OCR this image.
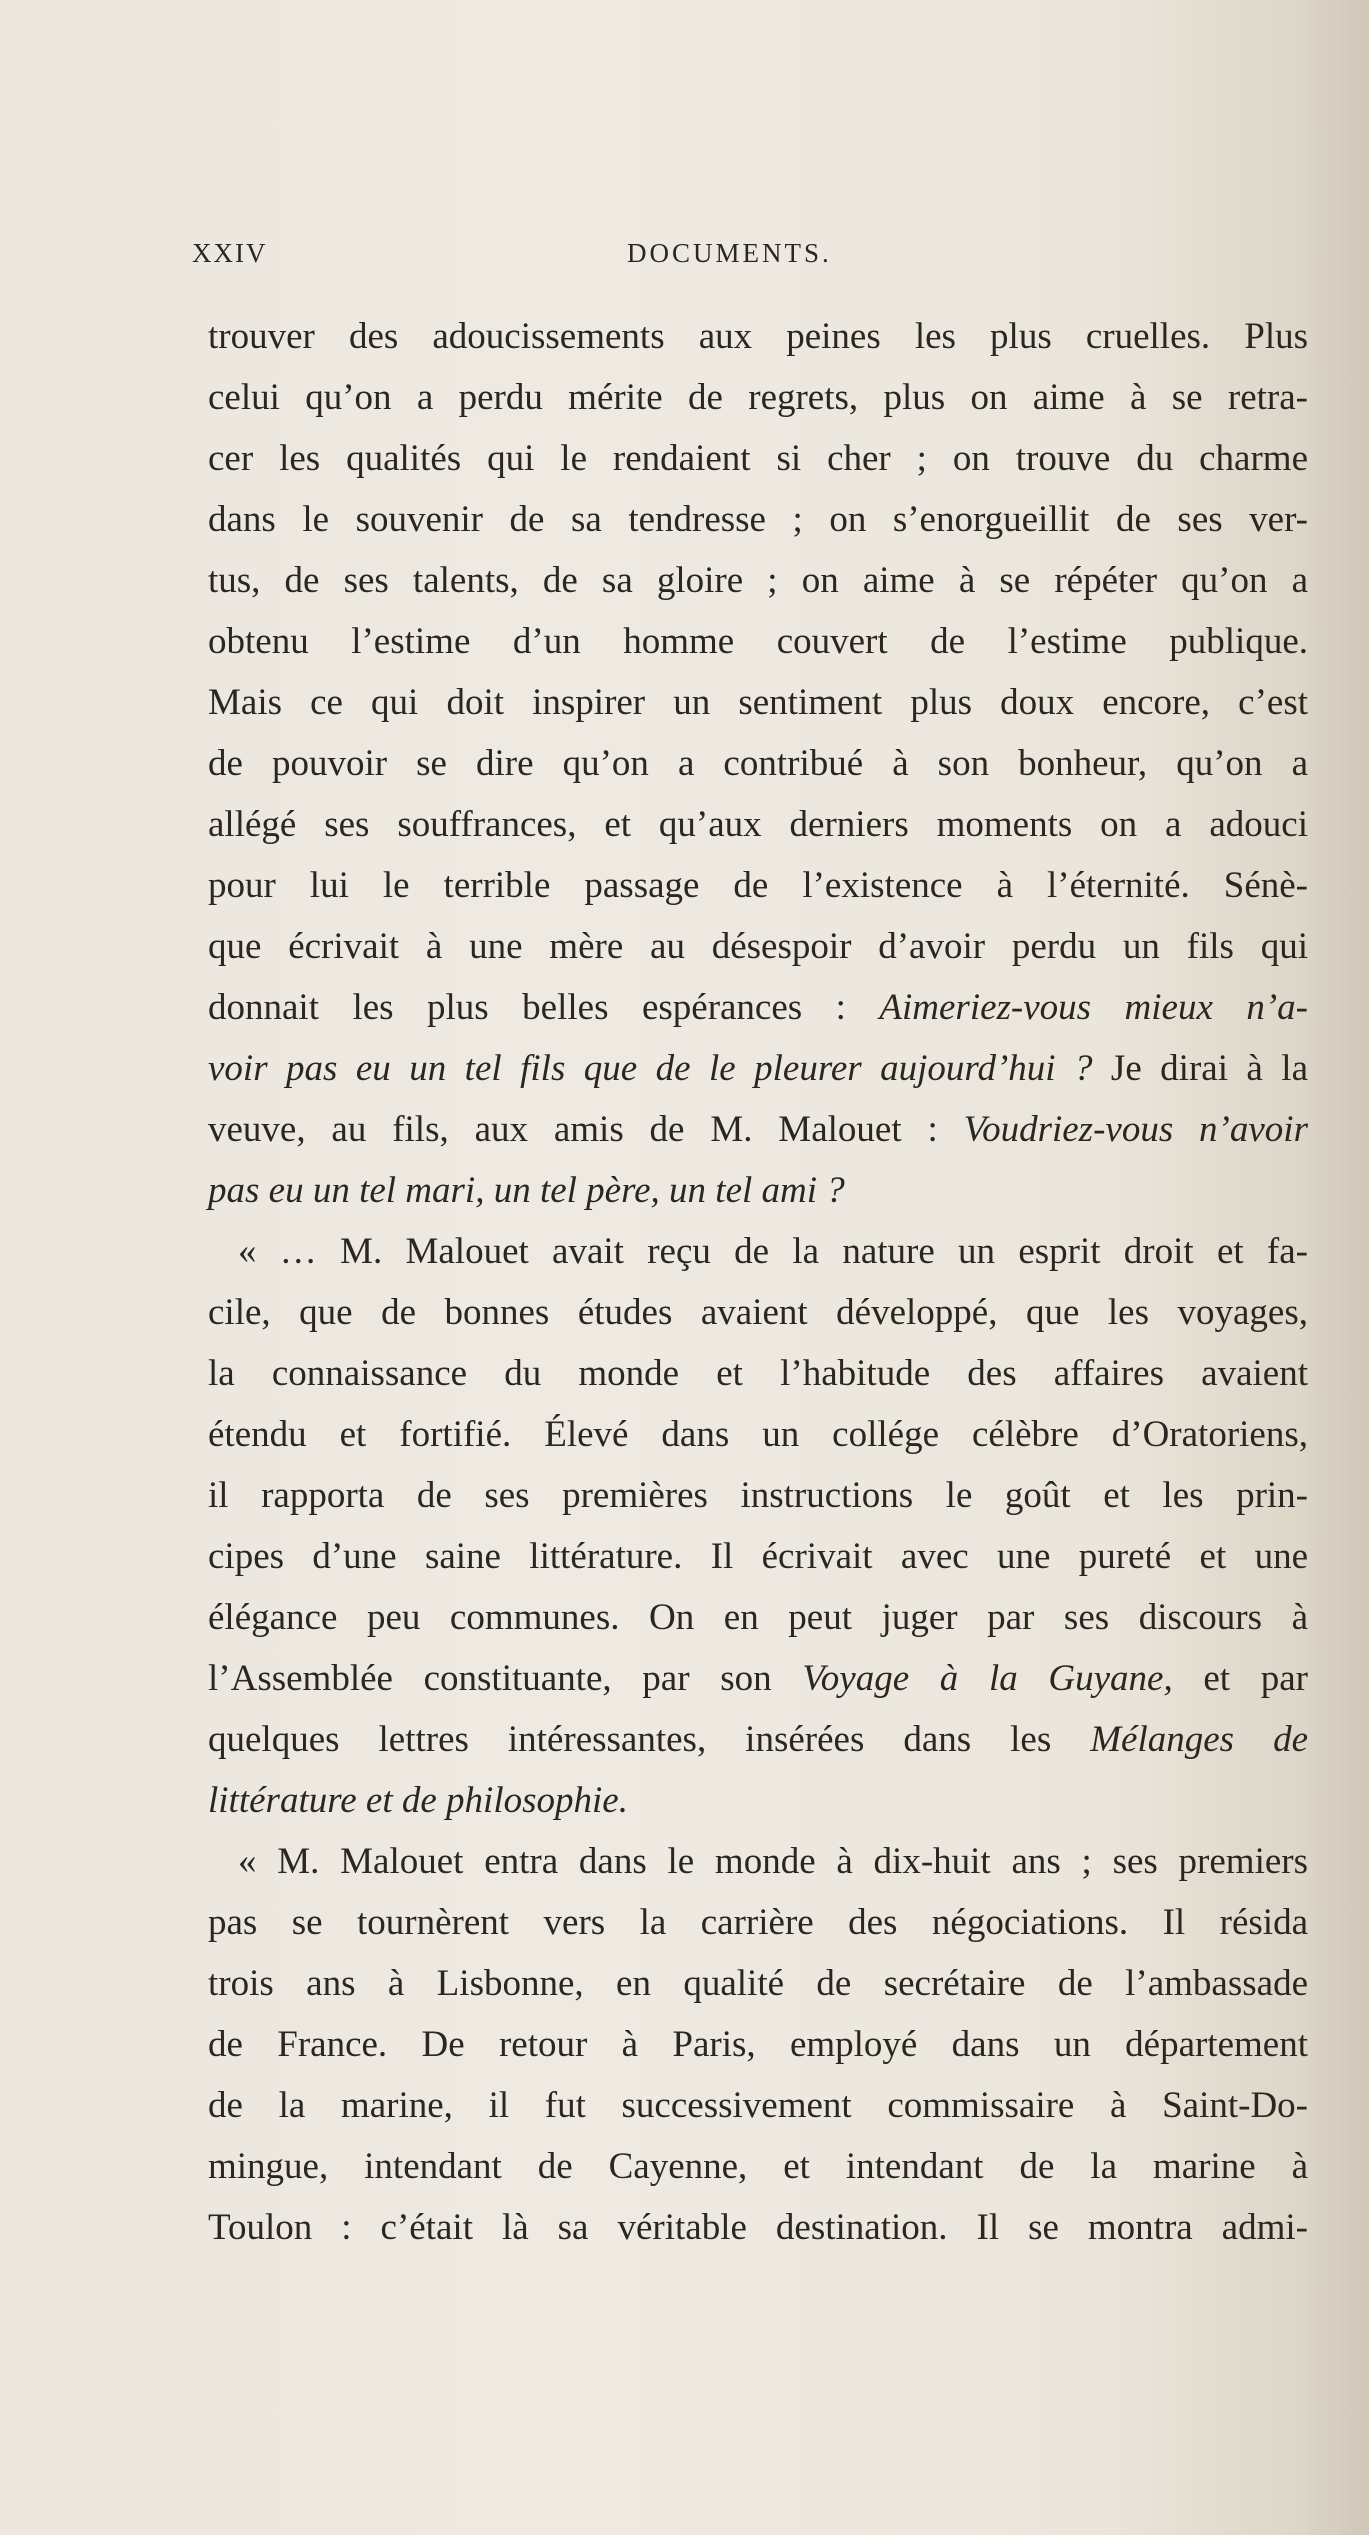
XXIV	DOCUMENTS.
trouver des adoucissements aux peines les plus cruelles. Plus
celui qu’on a perdu mérite de regrets, plus on aime à se retra-
cer les qualités qui le rendaient si cher ; on trouve du charme
dans le souvenir de sa tendresse ; on s’enorgueillit de ses ver-
tus, de ses talents, de sa gloire ; on aime à se répéter qu’on a
obtenu l’estime d’un homme couvert de l’estime publique.
Mais ce qui doit inspirer un sentiment plus doux encore, c’est
de pouvoir se dire qu’on a contribué à son bonheur, qu’on a
allégé ses souffrances, et qu’aux derniers moments on a adouci
pour lui le terrible passage de l’existence à l’éternité. Sénè-
que écrivait à une mère au désespoir d’avoir perdu un fils qui
donnait les plus belles espérances : Aimeriez-vous mieux n’a-
voir pas eu un tel fils que de le pleurer aujourd’hui ? Je dirai à la
veuve, au fils, aux amis de M. Malouet : Voudriez-vous n’avoir
pas eu un tel mari, un tel père, un tel ami ?
« … M. Malouet avait reçu de la nature un esprit droit et fa-
cile, que de bonnes études avaient développé, que les voyages,
la connaissance du monde et l’habitude des affaires avaient
étendu et fortifié. Élevé dans un collége célèbre d’Oratoriens,
il rapporta de ses premières instructions le goût et les prin-
cipes d’une saine littérature. Il écrivait avec une pureté et une
élégance peu communes. On en peut juger par ses discours à
l’Assemblée constituante, par son Voyage à la Guyane, et par
quelques lettres intéressantes, insérées dans les Mélanges de
littérature et de philosophie.
« M. Malouet entra dans le monde à dix-huit ans ; ses premiers
pas se tournèrent vers la carrière des négociations. Il résida
trois ans à Lisbonne, en qualité de secrétaire de l’ambassade
de France. De retour à Paris, employé dans un département
de la marine, il fut successivement commissaire à Saint-Do-
mingue, intendant de Cayenne, et intendant de la marine à
Toulon : c’était là sa véritable destination. Il se montra admi-
